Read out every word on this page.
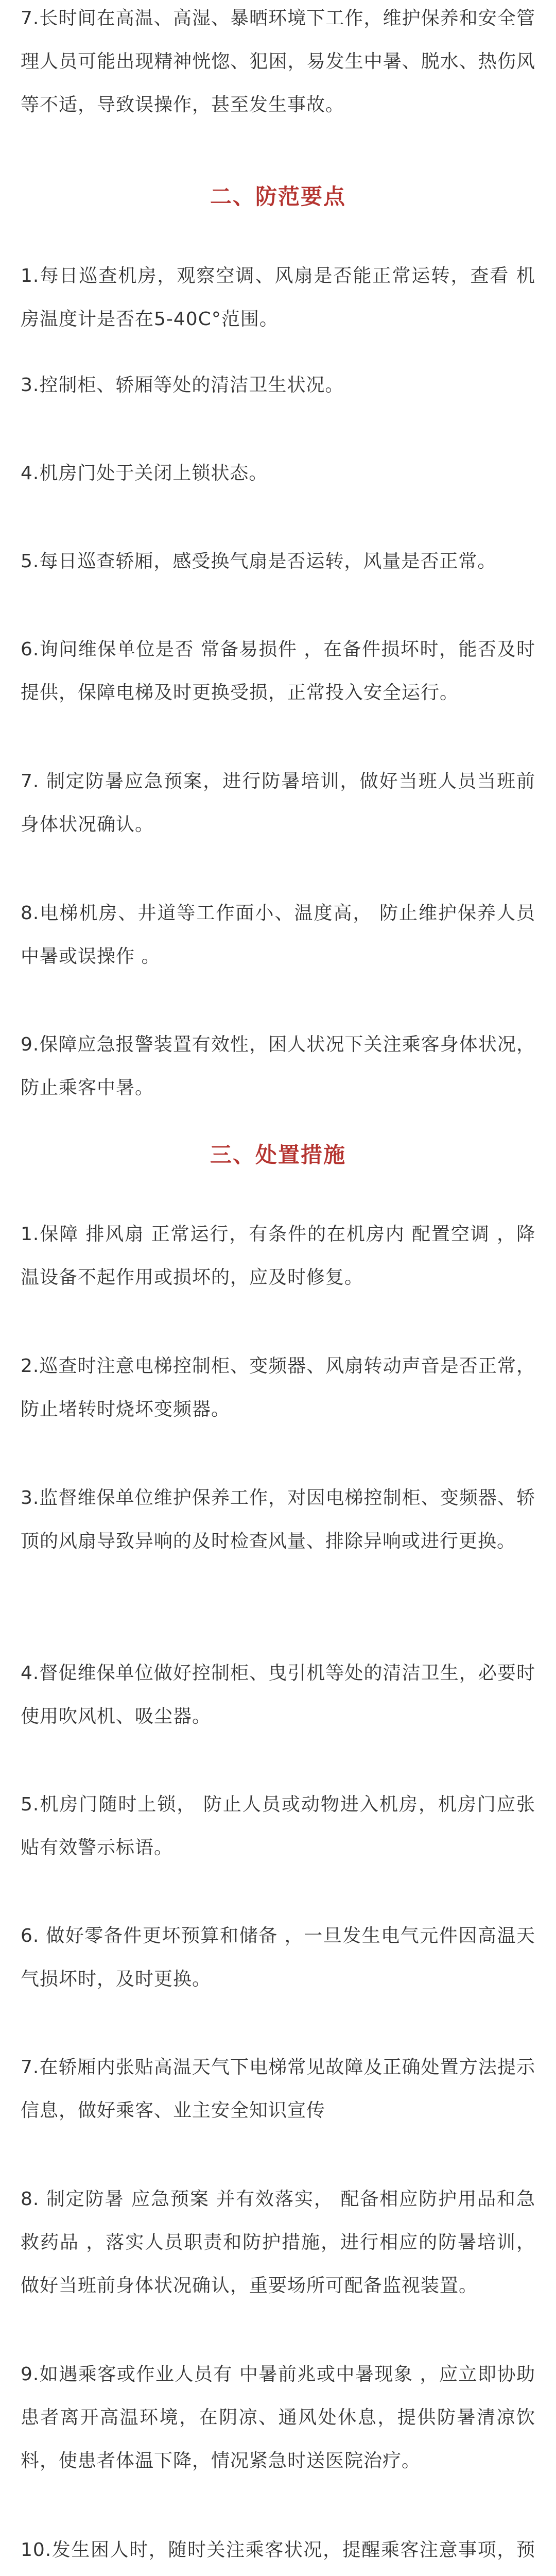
7.长时间在高温、高湿、暴晒环境下工作，维护保养和安全管理人员可能出现精神恍惚、犯困，易发生中暑、脱水、热伤风等不适，导致误操作，甚至发生事故。

二、防范要点

1.每日巡查机房，观察空调、风扇是否能正常运转，查看 机房温度计是否在5-40C°范围。

3.控制柜、轿厢等处的清洁卫生状况。

4.机房门处于关闭上锁状态。

5.每日巡查轿厢，感受换气扇是否运转，风量是否正常。

6.询问维保单位是否 常备易损件 ，在备件损坏时，能否及时提供，保障电梯及时更换受损，正常投入安全运行。

7. 制定防暑应急预案，进行防暑培训，做好当班人员当班前身体状况确认。

8.电梯机房、井道等工作面小、温度高， 防止维护保养人员中暑或误操作 。

9.保障应急报警装置有效性，困人状况下关注乘客身体状况，防止乘客中暑。

三、处置措施

1.保障 排风扇 正常运行，有条件的在机房内 配置空调 ，降温设备不起作用或损坏的，应及时修复。

2.巡查时注意电梯控制柜、变频器、风扇转动声音是否正常，防止堵转时烧坏变频器。

3.监督维保单位维护保养工作，对因电梯控制柜、变频器、轿顶的风扇导致异响的及时检查风量、排除异响或进行更换。

4.督促维保单位做好控制柜、曳引机等处的清洁卫生，必要时使用吹风机、吸尘器。

5.机房门随时上锁， 防止人员或动物进入机房，机房门应张贴有效警示标语。

6. 做好零备件更坏预算和储备 ，一旦发生电气元件因高温天气损坏时，及时更换。

7.在轿厢内张贴高温天气下电梯常见故障及正确处置方法提示信息，做好乘客、业主安全知识宣传

8. 制定防暑 应急预案 并有效落实， 配备相应防护用品和急救药品 ，落实人员职责和防护措施，进行相应的防暑培训，做好当班前身体状况确认，重要场所可配备监视装置。

9.如遇乘客或作业人员有 中暑前兆或中暑现象 ，应立即协助患者离开高温环境，在阴凉、通风处休息，提供防暑清凉饮料，使患者体温下降，情况紧急时送医院治疗。

10.发生困人时，随时关注乘客状况，提醒乘客注意事项，预
